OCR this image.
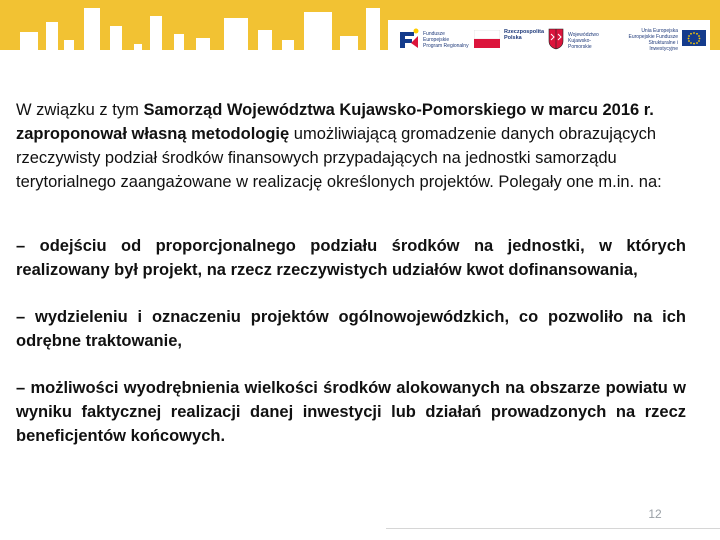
Fundusze
Europejskie
Program Regionalny
Rzeczpospolita
Polska	Województwo
Kujawsko-Pomorskie
Unia Europejska
Europejskie Fundusze
Strukturalne i Inwestycyjne

W związku z tym Samorząd Województwa Kujawsko-Pomorskiego w marcu 2016 r. zaproponował własną metodologię umożliwiającą gromadzenie danych obrazujących rzeczywisty podział środków finansowych przypadających na jednostki samorządu terytorialnego zaangażowane w realizację określonych projektów. Polegały one m.in. na:

– odejściu od proporcjonalnego podziału środków na jednostki, w których realizowany był projekt, na rzecz rzeczywistych udziałów kwot dofinansowania,

– wydzieleniu i oznaczeniu projektów ogólnowojewódzkich, co pozwoliło na ich odrębne traktowanie,

– możliwości wyodrębnienia wielkości środków alokowanych na obszarze powiatu w wyniku faktycznej realizacji danej inwestycji lub działań prowadzonych na rzecz beneficjentów końcowych.

12
